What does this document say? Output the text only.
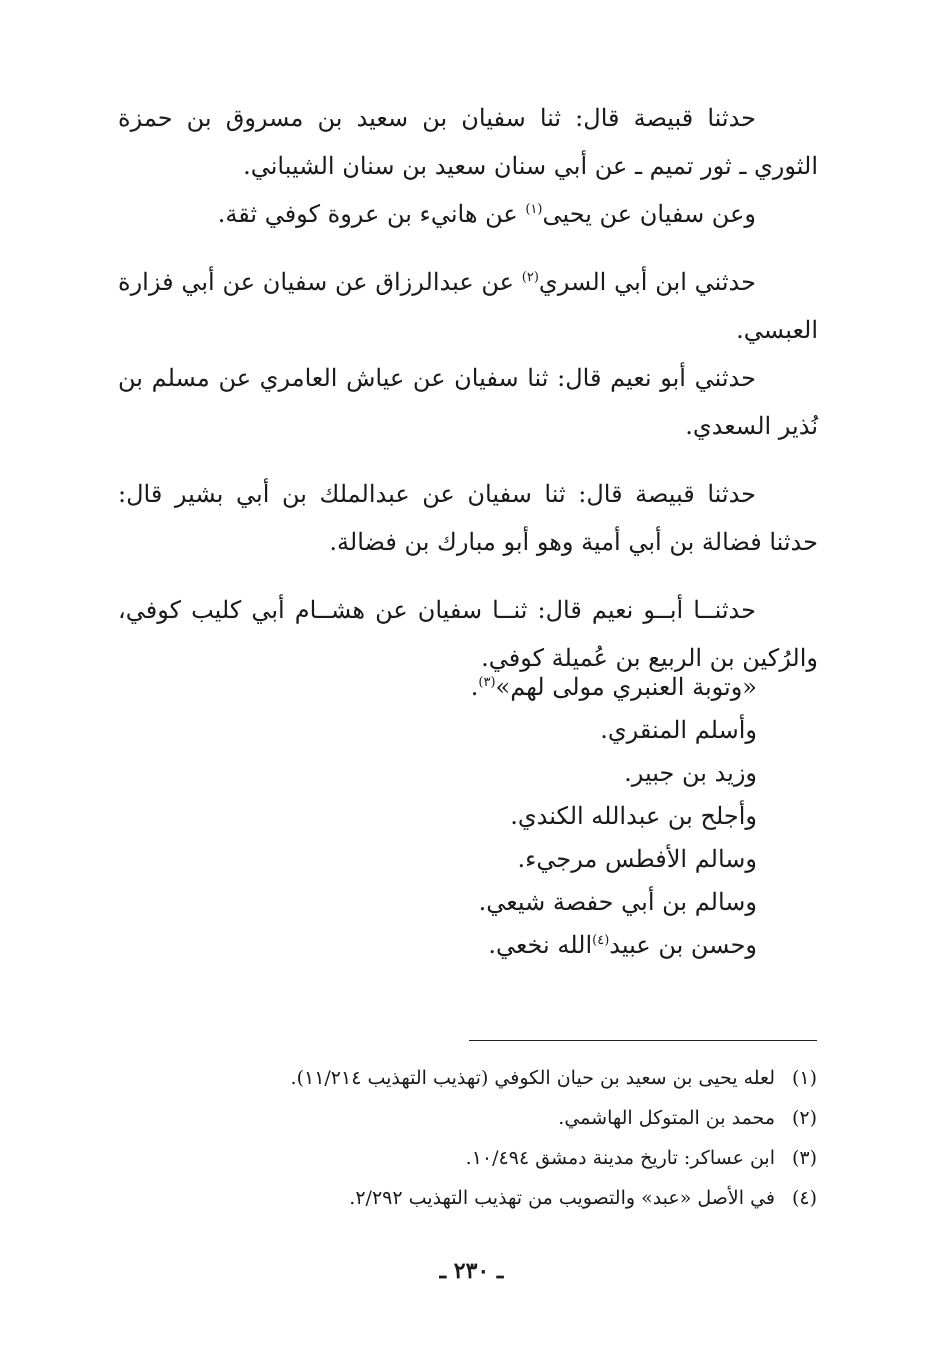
حدثنا قبيصة قال: ثنا سفيان بن سعيد بن مسروق بن حمزة الثوري ـ ثور تميم ـ عن أبي سنان سعيد بن سنان الشيباني.

وعن سفيان عن يحيى$^{(١)}$ عن هانيء بن عروة كوفي ثقة.

حدثني ابن أبي السري$^{(٢)}$ عن عبدالرزاق عن سفيان عن أبي فزارة العبسي.

حدثني أبو نعيم قال: ثنا سفيان عن عياش العامري عن مسلم بن نُذير السعدي.

حدثنا قبيصة قال: ثنا سفيان عن عبدالملك بن أبي بشير قال: حدثنا فضالة بن أبي أمية وهو أبو مبارك بن فضالة.

حدثنــا أبــو نعيم قال: ثنــا سفيان عن هشــام أبي كليب كوفي، والرُكين بن الربيع بن عُميلة كوفي.

«وتوبة العنبري مولى لهم»$^{(٣)}$.
وأسلم المنقري.
وزيد بن جبير.
وأجلح بن عبدالله الكندي.
وسالم الأفطس مرجيء.
وسالم بن أبي حفصة شيعي.
وحسن بن عبيد$^{(٤)}$الله نخعي.
(١)لعله يحيى بن سعيد بن حيان الكوفي (تهذيب التهذيب ١١/٢١٤).
(٢)محمد بن المتوكل الهاشمي.
(٣)ابن عساكر: تاريخ مدينة دمشق ١٠/٤٩٤.
(٤)في الأصل «عبد» والتصويب من تهذيب التهذيب ٢/٢٩٢.
ـ ٢٣٠ ـ
